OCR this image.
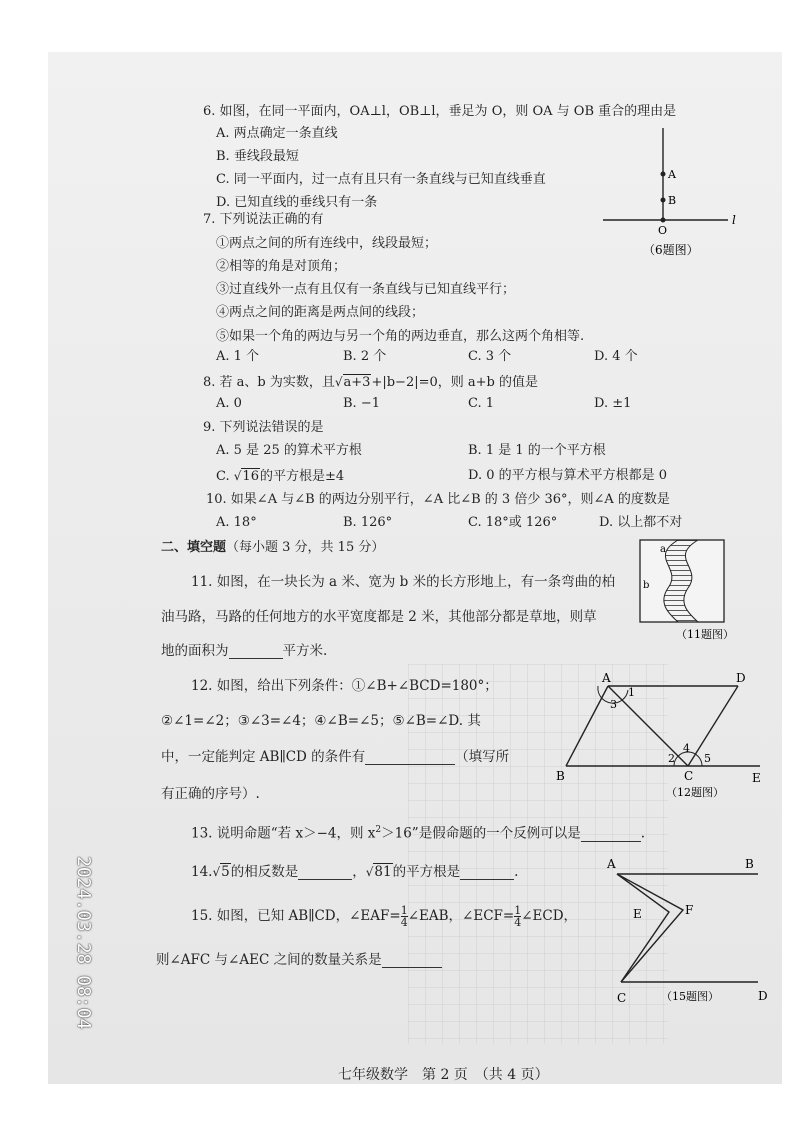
6. 如图，在同一平面内，OA⊥l，OB⊥l，垂足为 O，则 OA 与 OB 重合的理由是
A. 两点确定一条直线
B. 垂线段最短
C. 同一平面内，过一点有且只有一条直线与已知直线垂直
D. 已知直线的垂线只有一条
A
B
O
l
（6题图）
7. 下列说法正确的有
①两点之间的所有连线中，线段最短；
②相等的角是对顶角；
③过直线外一点有且仅有一条直线与已知直线平行；
④两点之间的距离是两点间的线段；
⑤如果一个角的两边与另一个角的两边垂直，那么这两个角相等.
A. 1 个	B. 2 个	C. 3 个	D. 4 个
8. 若 a、b 为实数，且√a+3+|b−2|=0，则 a+b 的值是
A. 0	B. −1	C. 1	D. ±1
9. 下列说法错误的是
A. 5 是 25 的算术平方根	B. 1 是 1 的一个平方根
C. √16的平方根是±4	D. 0 的平方根与算术平方根都是 0
10. 如果∠A 与∠B 的两边分别平行，∠A 比∠B 的 3 倍少 36°，则∠A 的度数是
A. 18°	B. 126°	C. 18°或 126°	D. 以上都不对
二、填空题（每小题 3 分，共 15 分）
11. 如图，在一块长为 a 米、宽为 b 米的长方形地上，有一条弯曲的柏
油马路，马路的任何地方的水平宽度都是 2 米，其他部分都是草地，则草
地的面积为	平方米.
a
b
（11题图）
12. 如图，给出下列条件：①∠B+∠BCD=180°；
②∠1=∠2；③∠3=∠4；④∠B=∠5；⑤∠B=∠D. 其
中，一定能判定 AB∥CD 的条件有	（填写所
有正确的序号）.
A
B	C
D
E
1
3
2
4
5
（12题图）
13. 说明命题“若 x＞−4，则 $x^2>16$”是假命题的一个反例可以是	.
14.√5的相反数是	，√81的平方根是	.
15. 如图，已知 AB∥CD，∠EAF= $\frac{1}{4}$ ∠EAB，∠ECF= $\frac{1}{4}$ ∠ECD，
则∠AFC 与∠AEC 之间的数量关系是
A	B
C	D
E	F
（15题图）
七年级数学　第 2 页　（共 4 页）
